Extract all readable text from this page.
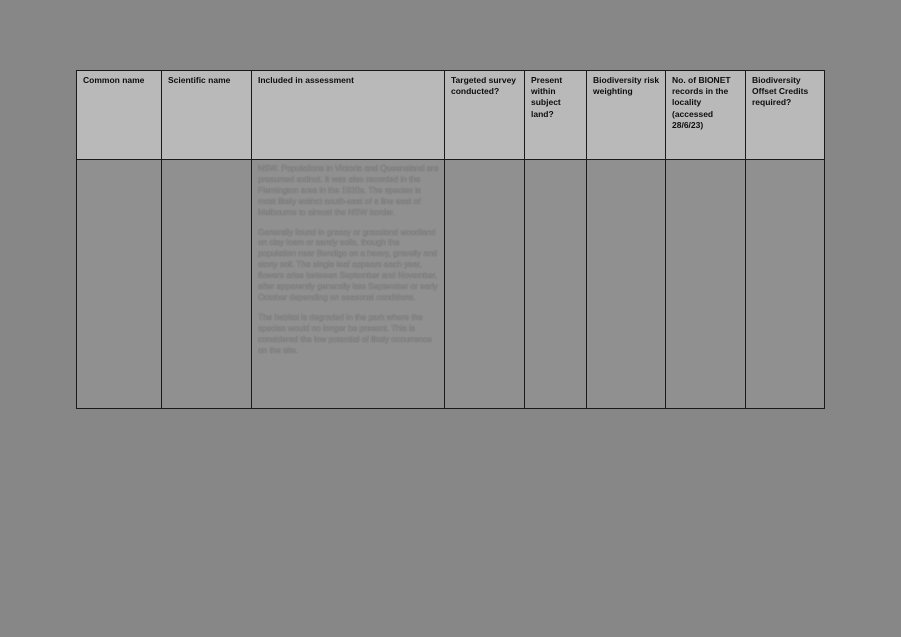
Common name	Scientific name	Included in assessment	Targeted survey conducted?	Present within subject land?	Biodiversity risk weighting	No. of BIONET records in the locality (accessed 28/6/23)	Biodiversity Offset Credits required?

		NSW. Populations in Victoria and Queensland are presumed extinct. It was also recorded in the Flemington area in the 1920s. The species is most likely extinct south-east of a line east of Melbourne to almost the NSW border.

Generally found in grassy or grassland woodland on clay loam or sandy soils, though the population near Bendigo on a heavy, gravelly and stony soil. The single leaf appears each year, flowers arise between September and November, after apparently generally late September or early October depending on seasonal conditions.

The habitat is degraded in the park where the species would no longer be present. This is considered the low potential of likely occurrence on the site.					
